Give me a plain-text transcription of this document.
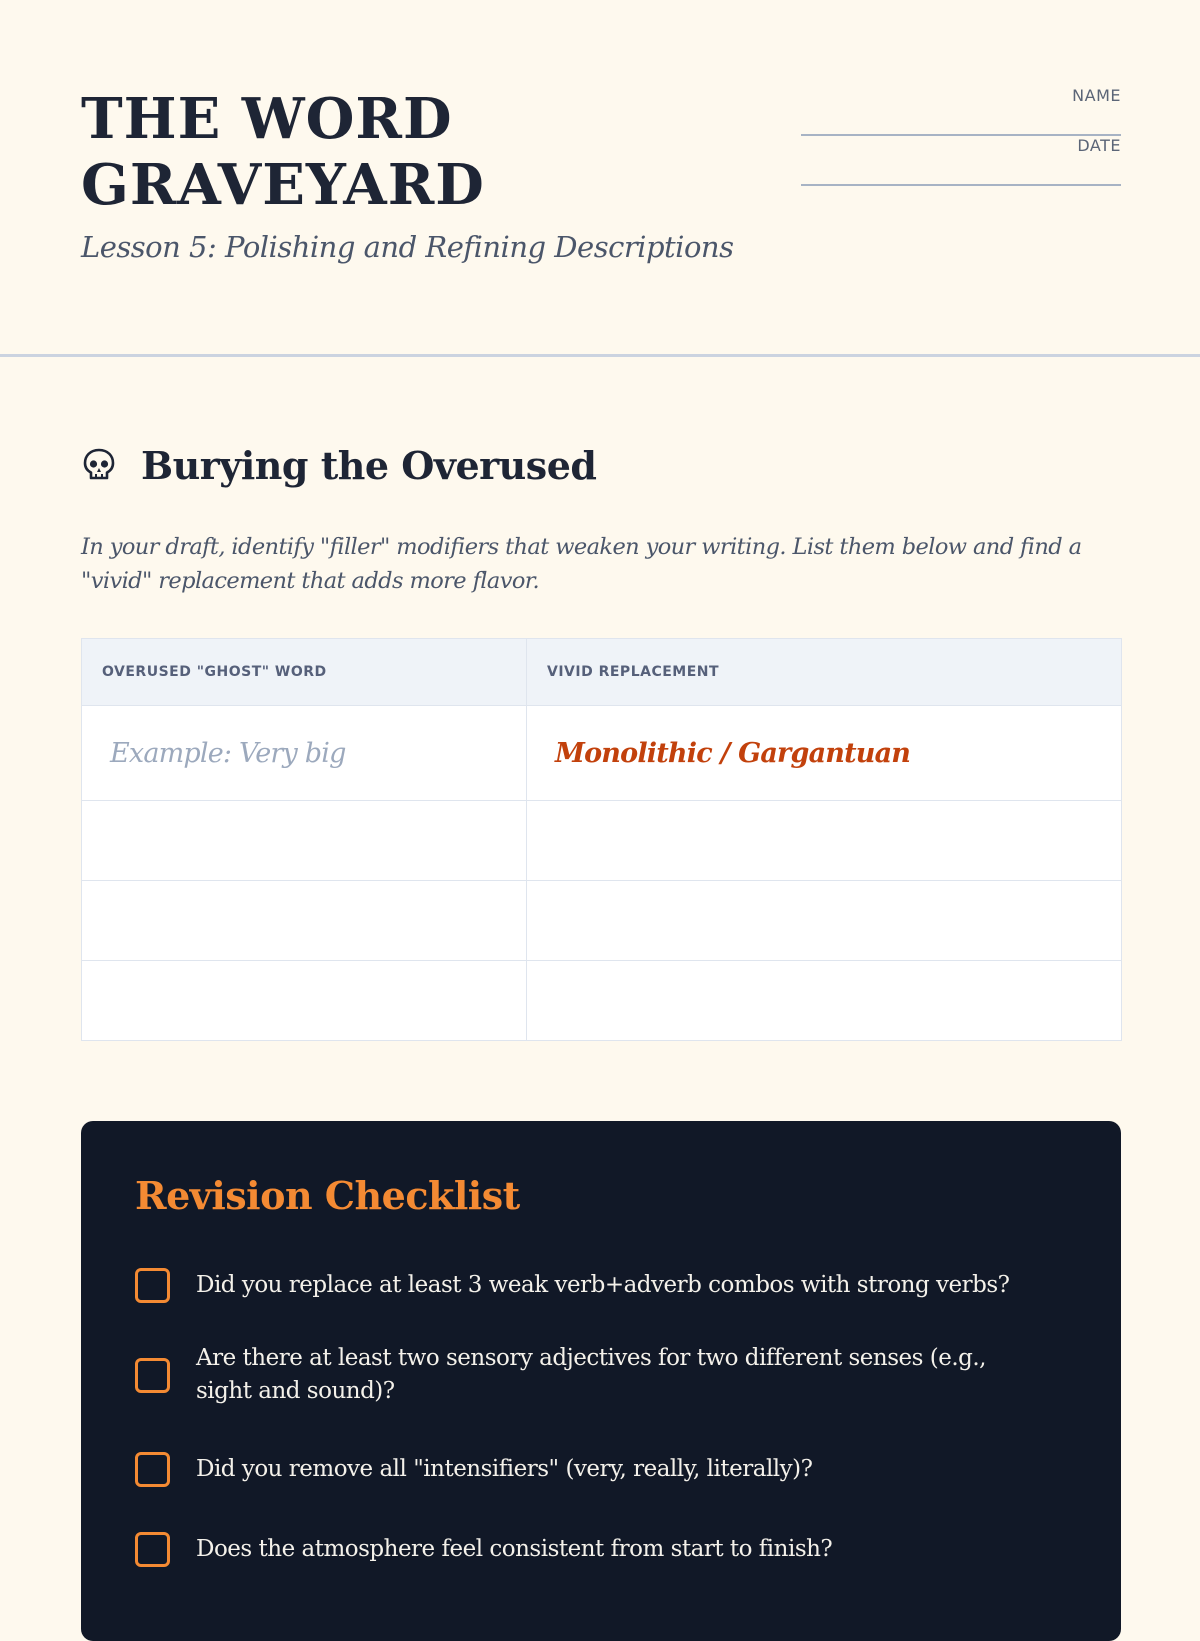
THE WORD
GRAVEYARD

Lesson 5: Polishing and Refining Descriptions

NAME
DATE
Burying the Overused

In your draft, identify "filler" modifiers that weaken your writing. List them below and find a "vivid" replacement that adds more flavor.

OVERUSED "GHOST" WORD	VIVID REPLACEMENT
Example: Very big	Monolithic / Gargantuan

Revision Checklist
Did you replace at least 3 weak verb+adverb combos with strong verbs?
Are there at least two sensory adjectives for two different senses (e.g., sight and sound)?
Did you remove all "intensifiers" (very, really, literally)?
Does the atmosphere feel consistent from start to finish?
